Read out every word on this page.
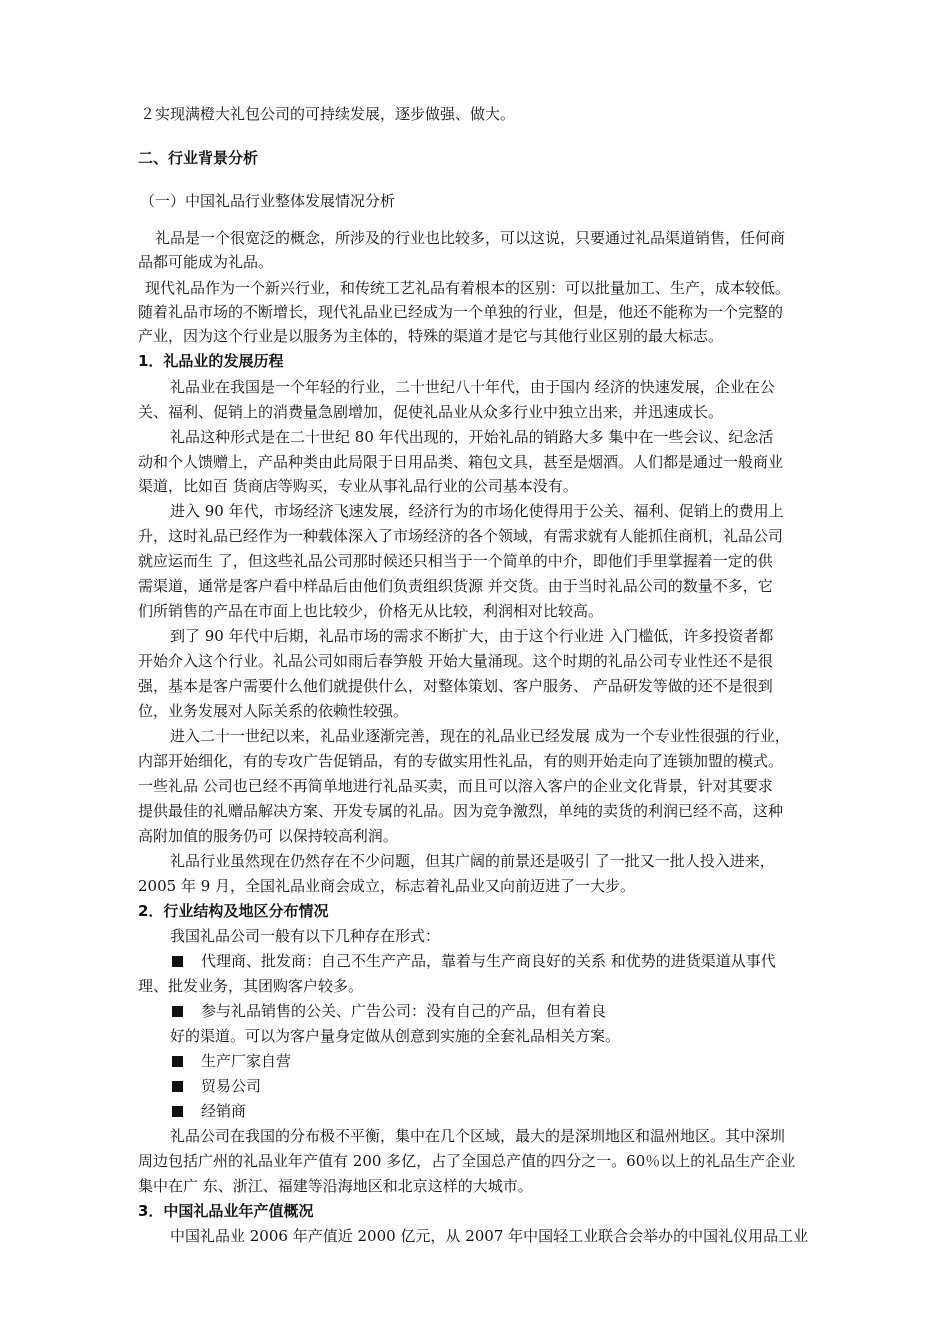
２实现满橙大礼包公司的可持续发展，逐步做强、做大。
二、行业背景分析
（一）中国礼品行业整体发展情况分析
礼品是一个很宽泛的概念，所涉及的行业也比较多，可以这说，只要通过礼品渠道销售，任何商
品都可能成为礼品。
现代礼品作为一个新兴行业，和传统工艺礼品有着根本的区别：可以批量加工、生产，成本较低。
随着礼品市场的不断增长，现代礼品业已经成为一个单独的行业，但是，他还不能称为一个完整的
产业，因为这个行业是以服务为主体的，特殊的渠道才是它与其他行业区别的最大标志。
1．礼品业的发展历程
礼品业在我国是一个年轻的行业，二十世纪八十年代，由于国内 经济的快速发展，企业在公
关、福利、促销上的消费量急剧增加，促使礼品业从众多行业中独立出来，并迅速成长。
礼品这种形式是在二十世纪 80 年代出现的，开始礼品的销路大多 集中在一些会议、纪念活
动和个人馈赠上，产品种类由此局限于日用品类、箱包文具，甚至是烟酒。人们都是通过一般商业
渠道，比如百 货商店等购买，专业从事礼品行业的公司基本没有。
进入 90 年代，市场经济飞速发展，经济行为的市场化使得用于公关、福利、促销上的费用上
升，这时礼品已经作为一种载体深入了市场经济的各个领域，有需求就有人能抓住商机，礼品公司
就应运而生 了，但这些礼品公司那时候还只相当于一个简单的中介，即他们手里掌握着一定的供
需渠道，通常是客户看中样品后由他们负责组织货源 并交货。由于当时礼品公司的数量不多，它
们所销售的产品在市面上也比较少，价格无从比较，利润相对比较高。
到了 90 年代中后期，礼品市场的需求不断扩大，由于这个行业进 入门槛低，许多投资者都
开始介入这个行业。礼品公司如雨后春笋般 开始大量涌现。这个时期的礼品公司专业性还不是很
强，基本是客户需要什么他们就提供什么，对整体策划、客户服务、 产品研发等做的还不是很到
位，业务发展对人际关系的依赖性较强。
进入二十一世纪以来，礼品业逐渐完善，现在的礼品业已经发展 成为一个专业性很强的行业，
内部开始细化，有的专攻广告促销品，有的专做实用性礼品，有的则开始走向了连锁加盟的模式。
一些礼品 公司也已经不再简单地进行礼品买卖，而且可以溶入客户的企业文化背景，针对其要求
提供最佳的礼赠品解决方案、开发专属的礼品。因为竞争激烈，单纯的卖货的利润已经不高，这种
高附加值的服务仍可 以保持较高利润。
礼品行业虽然现在仍然存在不少问题，但其广阔的前景还是吸引 了一批又一批人投入进来，
2005 年 9 月，全国礼品业商会成立，标志着礼品业又向前迈进了一大步。
2．行业结构及地区分布情况
我国礼品公司一般有以下几种存在形式：
代理商、批发商：自己不生产产品，靠着与生产商良好的关系 和优势的进货渠道从事代
理、批发业务，其团购客户较多。
参与礼品销售的公关、广告公司：没有自己的产品，但有着良
好的渠道。可以为客户量身定做从创意到实施的全套礼品相关方案。
生产厂家自营
贸易公司
经销商
礼品公司在我国的分布极不平衡，集中在几个区域，最大的是深圳地区和温州地区。其中深圳
周边包括广州的礼品业年产值有 200 多亿，占了全国总产值的四分之一。60％以上的礼品生产企业
集中在广 东、浙江、福建等沿海地区和北京这样的大城市。
3．中国礼品业年产值概况
中国礼品业 2006 年产值近 2000 亿元，从 2007 年中国轻工业联合会举办的中国礼仪用品工业
